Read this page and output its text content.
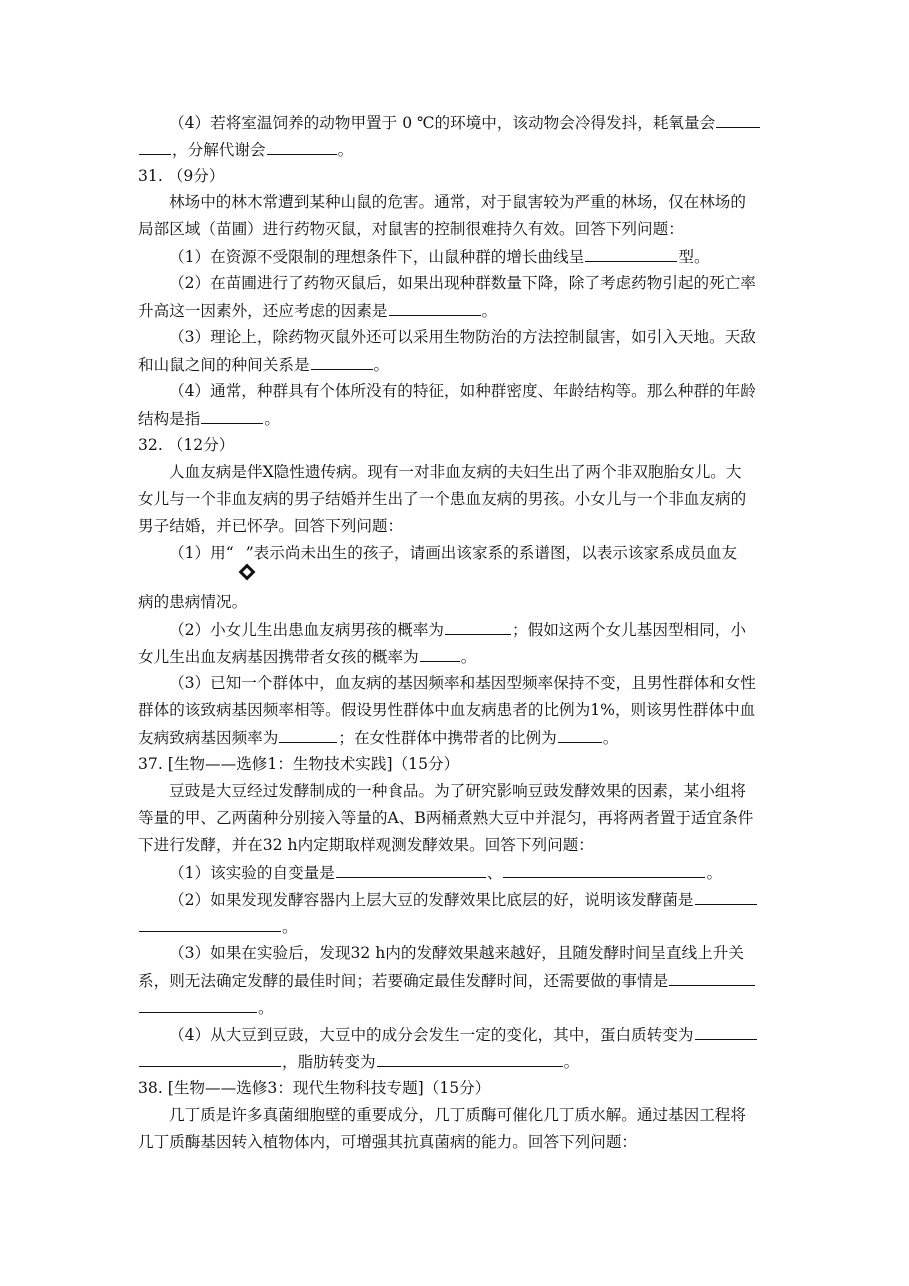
（4）若将室温饲养的动物甲置于 0 ℃的环境中，该动物会冷得发抖，耗氧量会
，分解代谢会	。
31. （9分）
林场中的林木常遭到某种山鼠的危害。通常，对于鼠害较为严重的林场，仅在林场的
局部区域（苗圃）进行药物灭鼠，对鼠害的控制很难持久有效。回答下列问题：
（1）在资源不受限制的理想条件下，山鼠种群的增长曲线呈	型。
（2）在苗圃进行了药物灭鼠后，如果出现种群数量下降，除了考虑药物引起的死亡率
升高这一因素外，还应考虑的因素是	。
（3）理论上，除药物灭鼠外还可以采用生物防治的方法控制鼠害，如引入天地。天敌
和山鼠之间的种间关系是	。
（4）通常，种群具有个体所没有的特征，如种群密度、年龄结构等。那么种群的年龄
结构是指	。
32. （12分）
人血友病是伴X隐性遗传病。现有一对非血友病的夫妇生出了两个非双胞胎女儿。大
女儿与一个非血友病的男子结婚并生出了一个患血友病的男孩。小女儿与一个非血友病的
男子结婚，并已怀孕。回答下列问题：
（1）用“ ”表示尚未出生的孩子，请画出该家系的系谱图，以表示该家系成员血友
病的患病情况。
（2）小女儿生出患血友病男孩的概率为	；假如这两个女儿基因型相同，小
女儿生出血友病基因携带者女孩的概率为	。
（3）已知一个群体中，血友病的基因频率和基因型频率保持不变，且男性群体和女性
群体的该致病基因频率相等。假设男性群体中血友病患者的比例为1%，则该男性群体中血
友病致病基因频率为	；在女性群体中携带者的比例为	。
37. [生物——选修1：生物技术实践]（15分）
豆豉是大豆经过发酵制成的一种食品。为了研究影响豆豉发酵效果的因素，某小组将
等量的甲、乙两菌种分别接入等量的A、B两桶煮熟大豆中并混匀，再将两者置于适宜条件
下进行发酵，并在32 h内定期取样观测发酵效果。回答下列问题：
（1）该实验的自变量是	、	。
（2）如果发现发酵容器内上层大豆的发酵效果比底层的好，说明该发酵菌是
。
（3）如果在实验后，发现32 h内的发酵效果越来越好，且随发酵时间呈直线上升关
系，则无法确定发酵的最佳时间；若要确定最佳发酵时间，还需要做的事情是
。
（4）从大豆到豆豉，大豆中的成分会发生一定的变化，其中，蛋白质转变为
，脂肪转变为	。
38. [生物——选修3：现代生物科技专题]（15分）
几丁质是许多真菌细胞壁的重要成分，几丁质酶可催化几丁质水解。通过基因工程将
几丁质酶基因转入植物体内，可增强其抗真菌病的能力。回答下列问题：
